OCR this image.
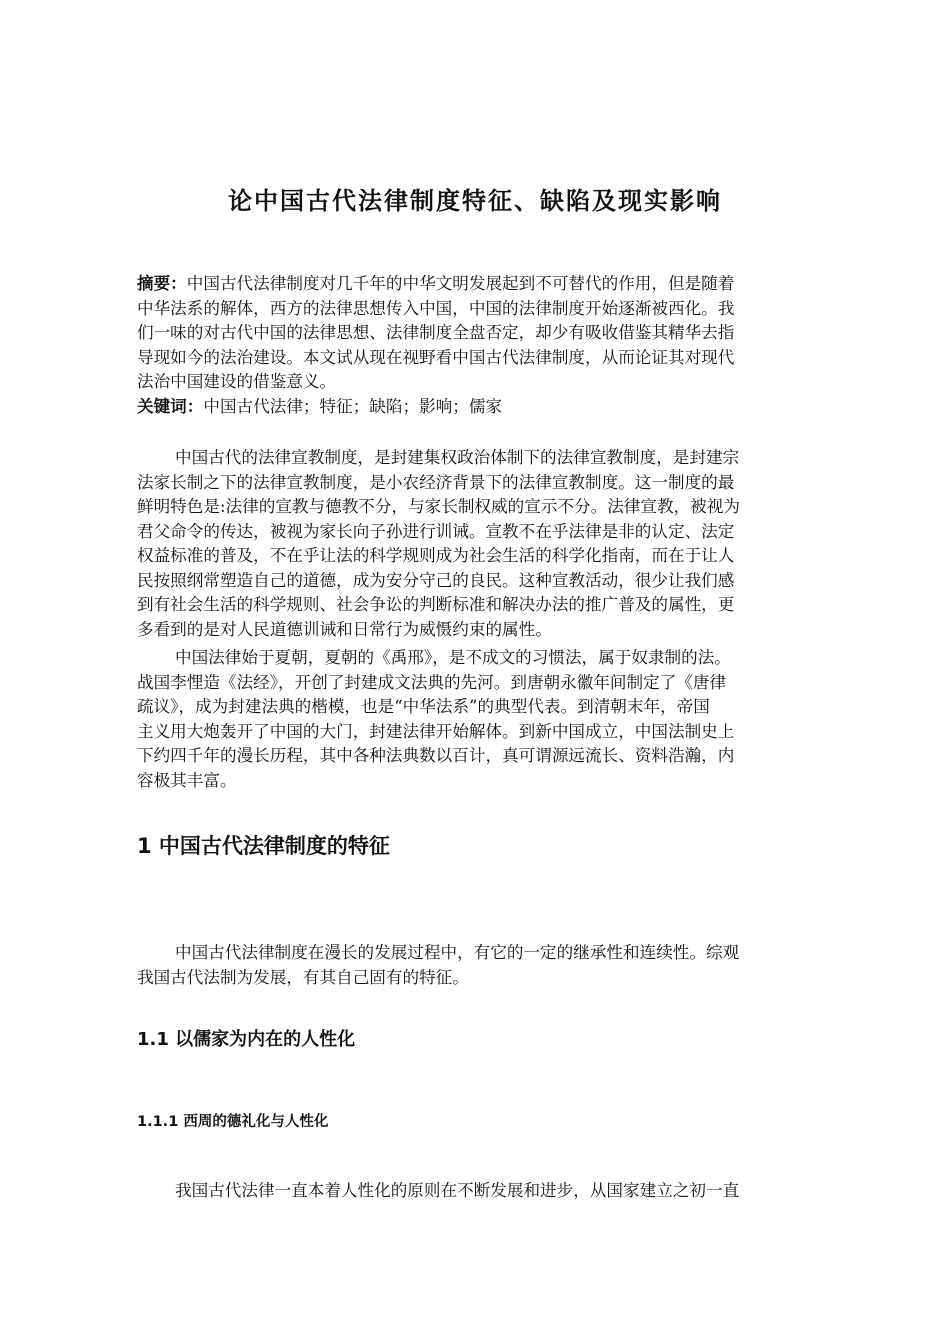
论中国古代法律制度特征、缺陷及现实影响
摘要：中国古代法律制度对几千年的中华文明发展起到不可替代的作用，但是随着
中华法系的解体，西方的法律思想传入中国，中国的法律制度开始逐渐被西化。我
们一味的对古代中国的法律思想、法律制度全盘否定，却少有吸收借鉴其精华去指
导现如今的法治建设。本文试从现在视野看中国古代法律制度，从而论证其对现代
法治中国建设的借鉴意义。
关键词：中国古代法律；特征；缺陷；影响；儒家
中国古代的法律宣教制度，是封建集权政治体制下的法律宣教制度，是封建宗
法家长制之下的法律宣教制度，是小农经济背景下的法律宣教制度。这一制度的最
鲜明特色是:法律的宣教与德教不分，与家长制权威的宣示不分。法律宣教，被视为
君父命令的传达，被视为家长向子孙进行训诫。宣教不在乎法律是非的认定、法定
权益标准的普及，不在乎让法的科学规则成为社会生活的科学化指南，而在于让人
民按照纲常塑造自己的道德，成为安分守己的良民。这种宣教活动，很少让我们感
到有社会生活的科学规则、社会争讼的判断标准和解决办法的推广普及的属性，更
多看到的是对人民道德训诫和日常行为威慑约束的属性。
中国法律始于夏朝，夏朝的《禹邢》，是不成文的习惯法，属于奴隶制的法。
战国李悝造《法经》，开创了封建成文法典的先河。到唐朝永徽年间制定了《唐律
疏议》，成为封建法典的楷模，也是“中华法系”的典型代表。到清朝末年，帝国
主义用大炮轰开了中国的大门，封建法律开始解体。到新中国成立，中国法制史上
下约四千年的漫长历程，其中各种法典数以百计，真可谓源远流长、资料浩瀚，内
容极其丰富。
1 中国古代法律制度的特征
中国古代法律制度在漫长的发展过程中，有它的一定的继承性和连续性。综观
我国古代法制为发展，有其自己固有的特征。
1.1 以儒家为内在的人性化
1.1.1 西周的德礼化与人性化
我国古代法律一直本着人性化的原则在不断发展和进步，从国家建立之初一直
